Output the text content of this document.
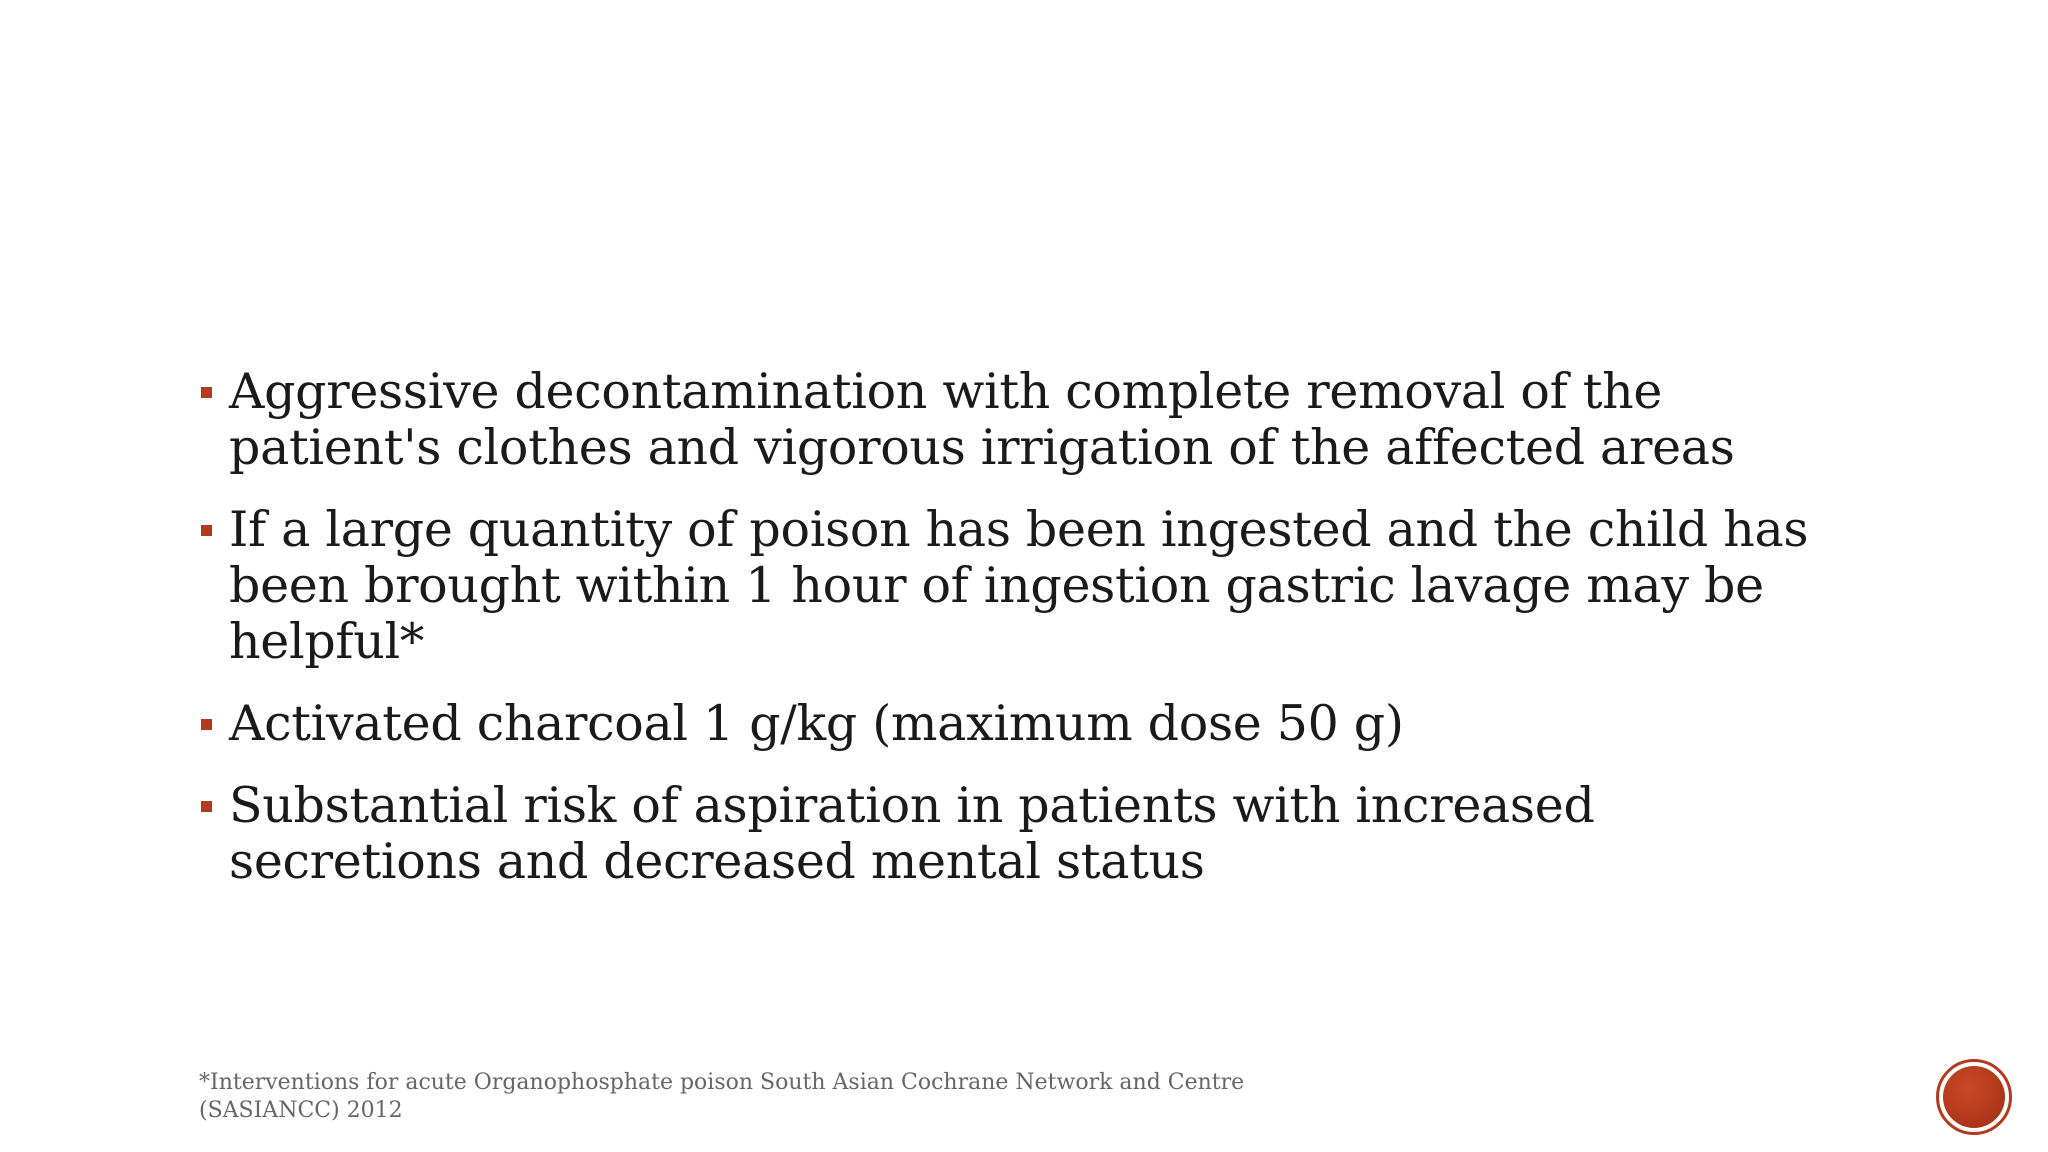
Aggressive decontamination with complete removal of the patient's clothes and vigorous irrigation of the affected areas
If a large quantity of poison has been ingested and the child has been brought within 1 hour of ingestion gastric lavage may be helpful*
Activated charcoal 1 g/kg (maximum dose 50 g)
Substantial risk of aspiration in patients with increased secretions and decreased mental status
*Interventions for acute Organophosphate poison South Asian Cochrane Network and Centre (SASIANCC) 2012
